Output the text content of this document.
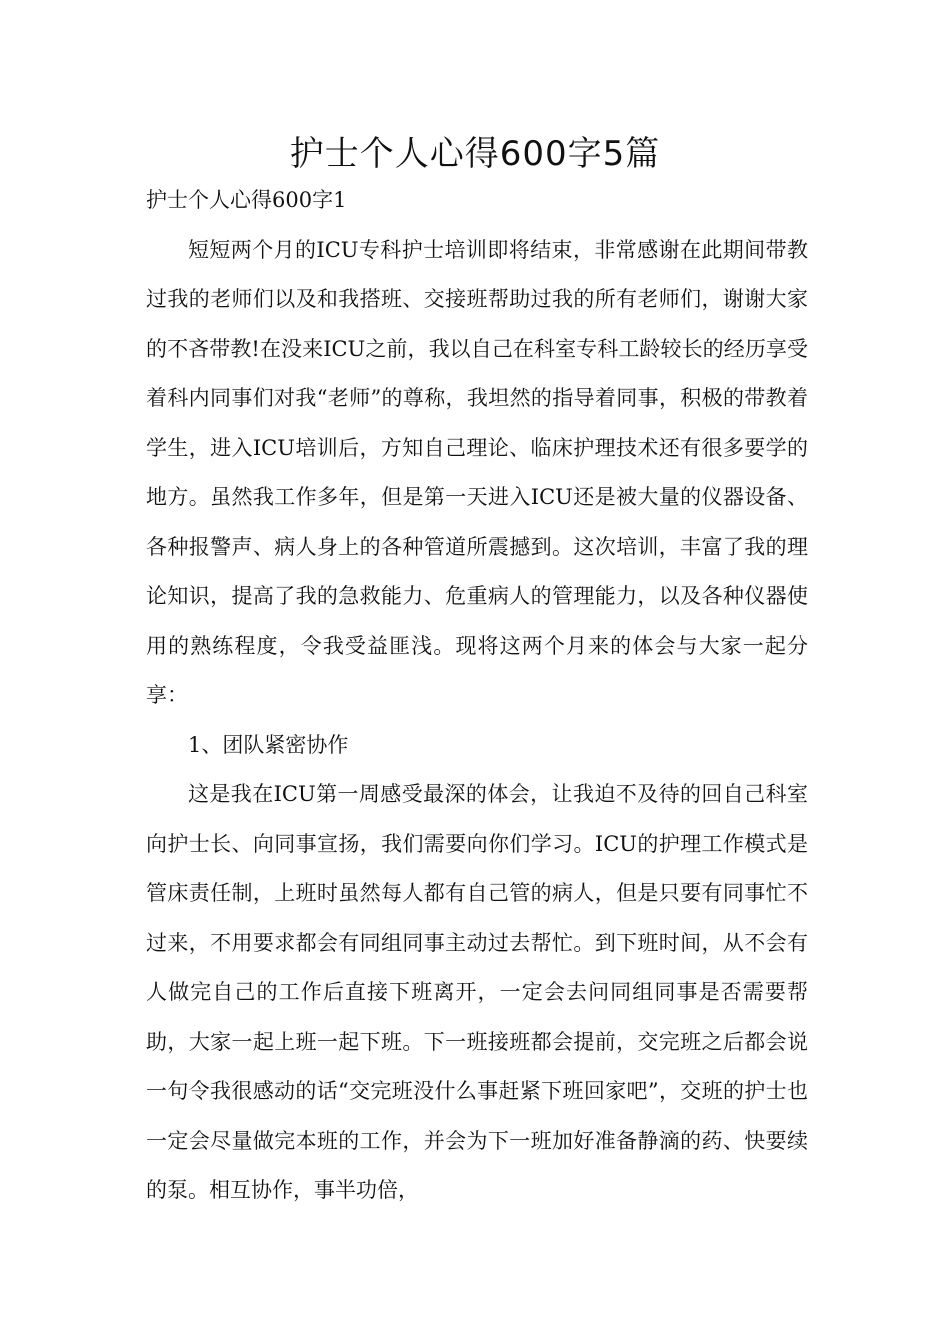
护士个人心得600字5篇

护士个人心得600字1

短短两个月的ICU专科护士培训即将结束，非常感谢在此期间带教过我的老师们以及和我搭班、交接班帮助过我的所有老师们，谢谢大家的不吝带教!在没来ICU之前，我以自己在科室专科工龄较长的经历享受着科内同事们对我“老师”的尊称，我坦然的指导着同事，积极的带教着学生，进入ICU培训后，方知自己理论、临床护理技术还有很多要学的地方。虽然我工作多年，但是第一天进入ICU还是被大量的仪器设备、各种报警声、病人身上的各种管道所震撼到。这次培训，丰富了我的理论知识，提高了我的急救能力、危重病人的管理能力，以及各种仪器使用的熟练程度，令我受益匪浅。现将这两个月来的体会与大家一起分享：

1、团队紧密协作

这是我在ICU第一周感受最深的体会，让我迫不及待的回自己科室向护士长、向同事宣扬，我们需要向你们学习。ICU的护理工作模式是管床责任制，上班时虽然每人都有自己管的病人，但是只要有同事忙不过来，不用要求都会有同组同事主动过去帮忙。到下班时间，从不会有人做完自己的工作后直接下班离开，一定会去问同组同事是否需要帮助，大家一起上班一起下班。下一班接班都会提前，交完班之后都会说一句令我很感动的话“交完班没什么事赶紧下班回家吧”，交班的护士也一定会尽量做完本班的工作，并会为下一班加好准备静滴的药、快要续的泵。相互协作，事半功倍，
